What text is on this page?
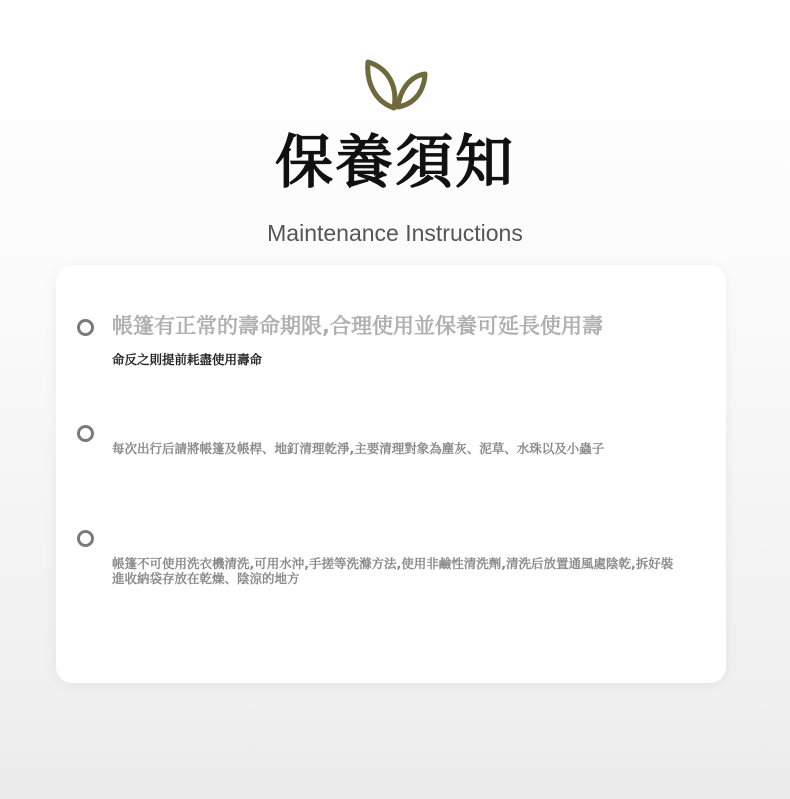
保養須知
Maintenance Instructions
帳篷有正常的壽命期限,合理使用並保養可延長使用壽
命反之則提前耗盡使用壽命
每次出行后請將帳篷及帳桿、地釘清理乾淨,主要清理對象為塵灰、泥草、水珠以及小蟲子
帳篷不可使用洗衣機清洗,可用水沖,手搓等洗滌方法,使用非鹼性清洗劑,清洗后放置通風處陰乾,拆好裝
進收納袋存放在乾燥、陰涼的地方
